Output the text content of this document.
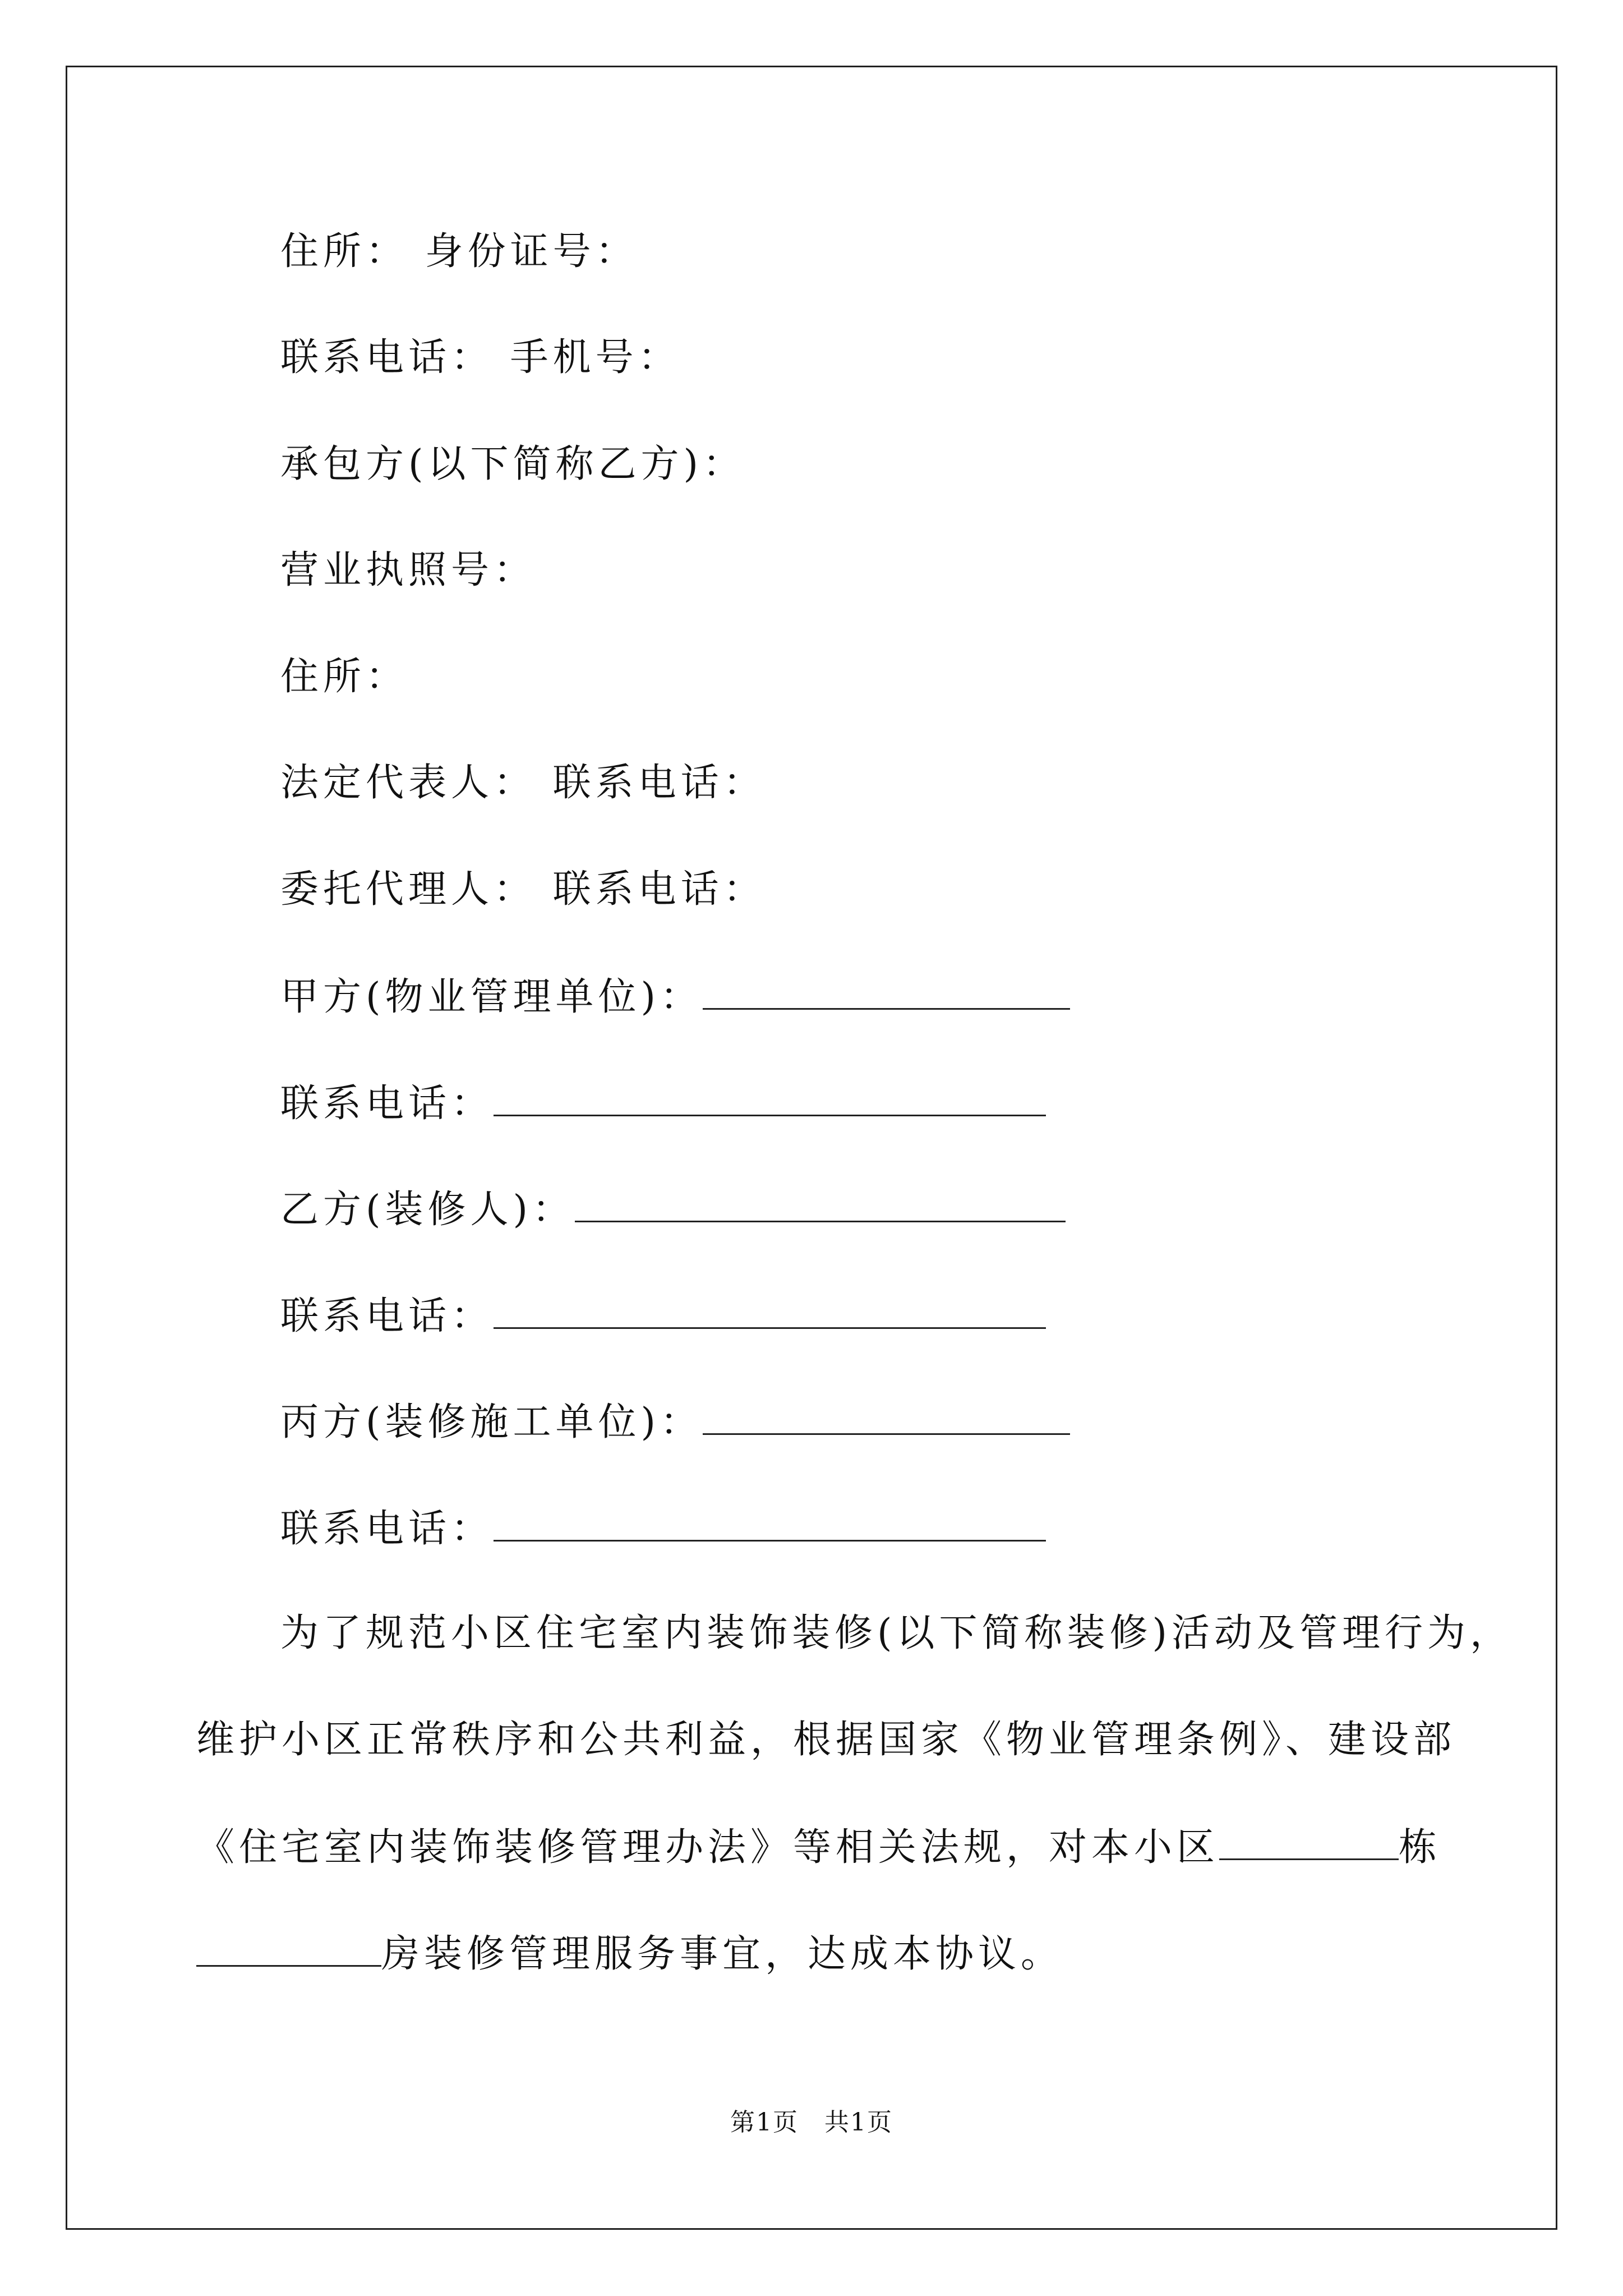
住所： 身份证号：
联系电话： 手机号：
承包方(以下简称乙方)：
营业执照号：
住所：
法定代表人： 联系电话：
委托代理人： 联系电话：
甲方(物业管理单位)：
联系电话：
乙方(装修人)：
联系电话：
丙方(装修施工单位)：
联系电话：
为了规范小区住宅室内装饰装修(以下简称装修)活动及管理行为，
维护小区正常秩序和公共利益，根据国家《物业管理条例》、建设部
《住宅室内装饰装修管理办法》等相关法规，对本小区	栋
房装修管理服务事宜，达成本协议。
第1页　共1页
